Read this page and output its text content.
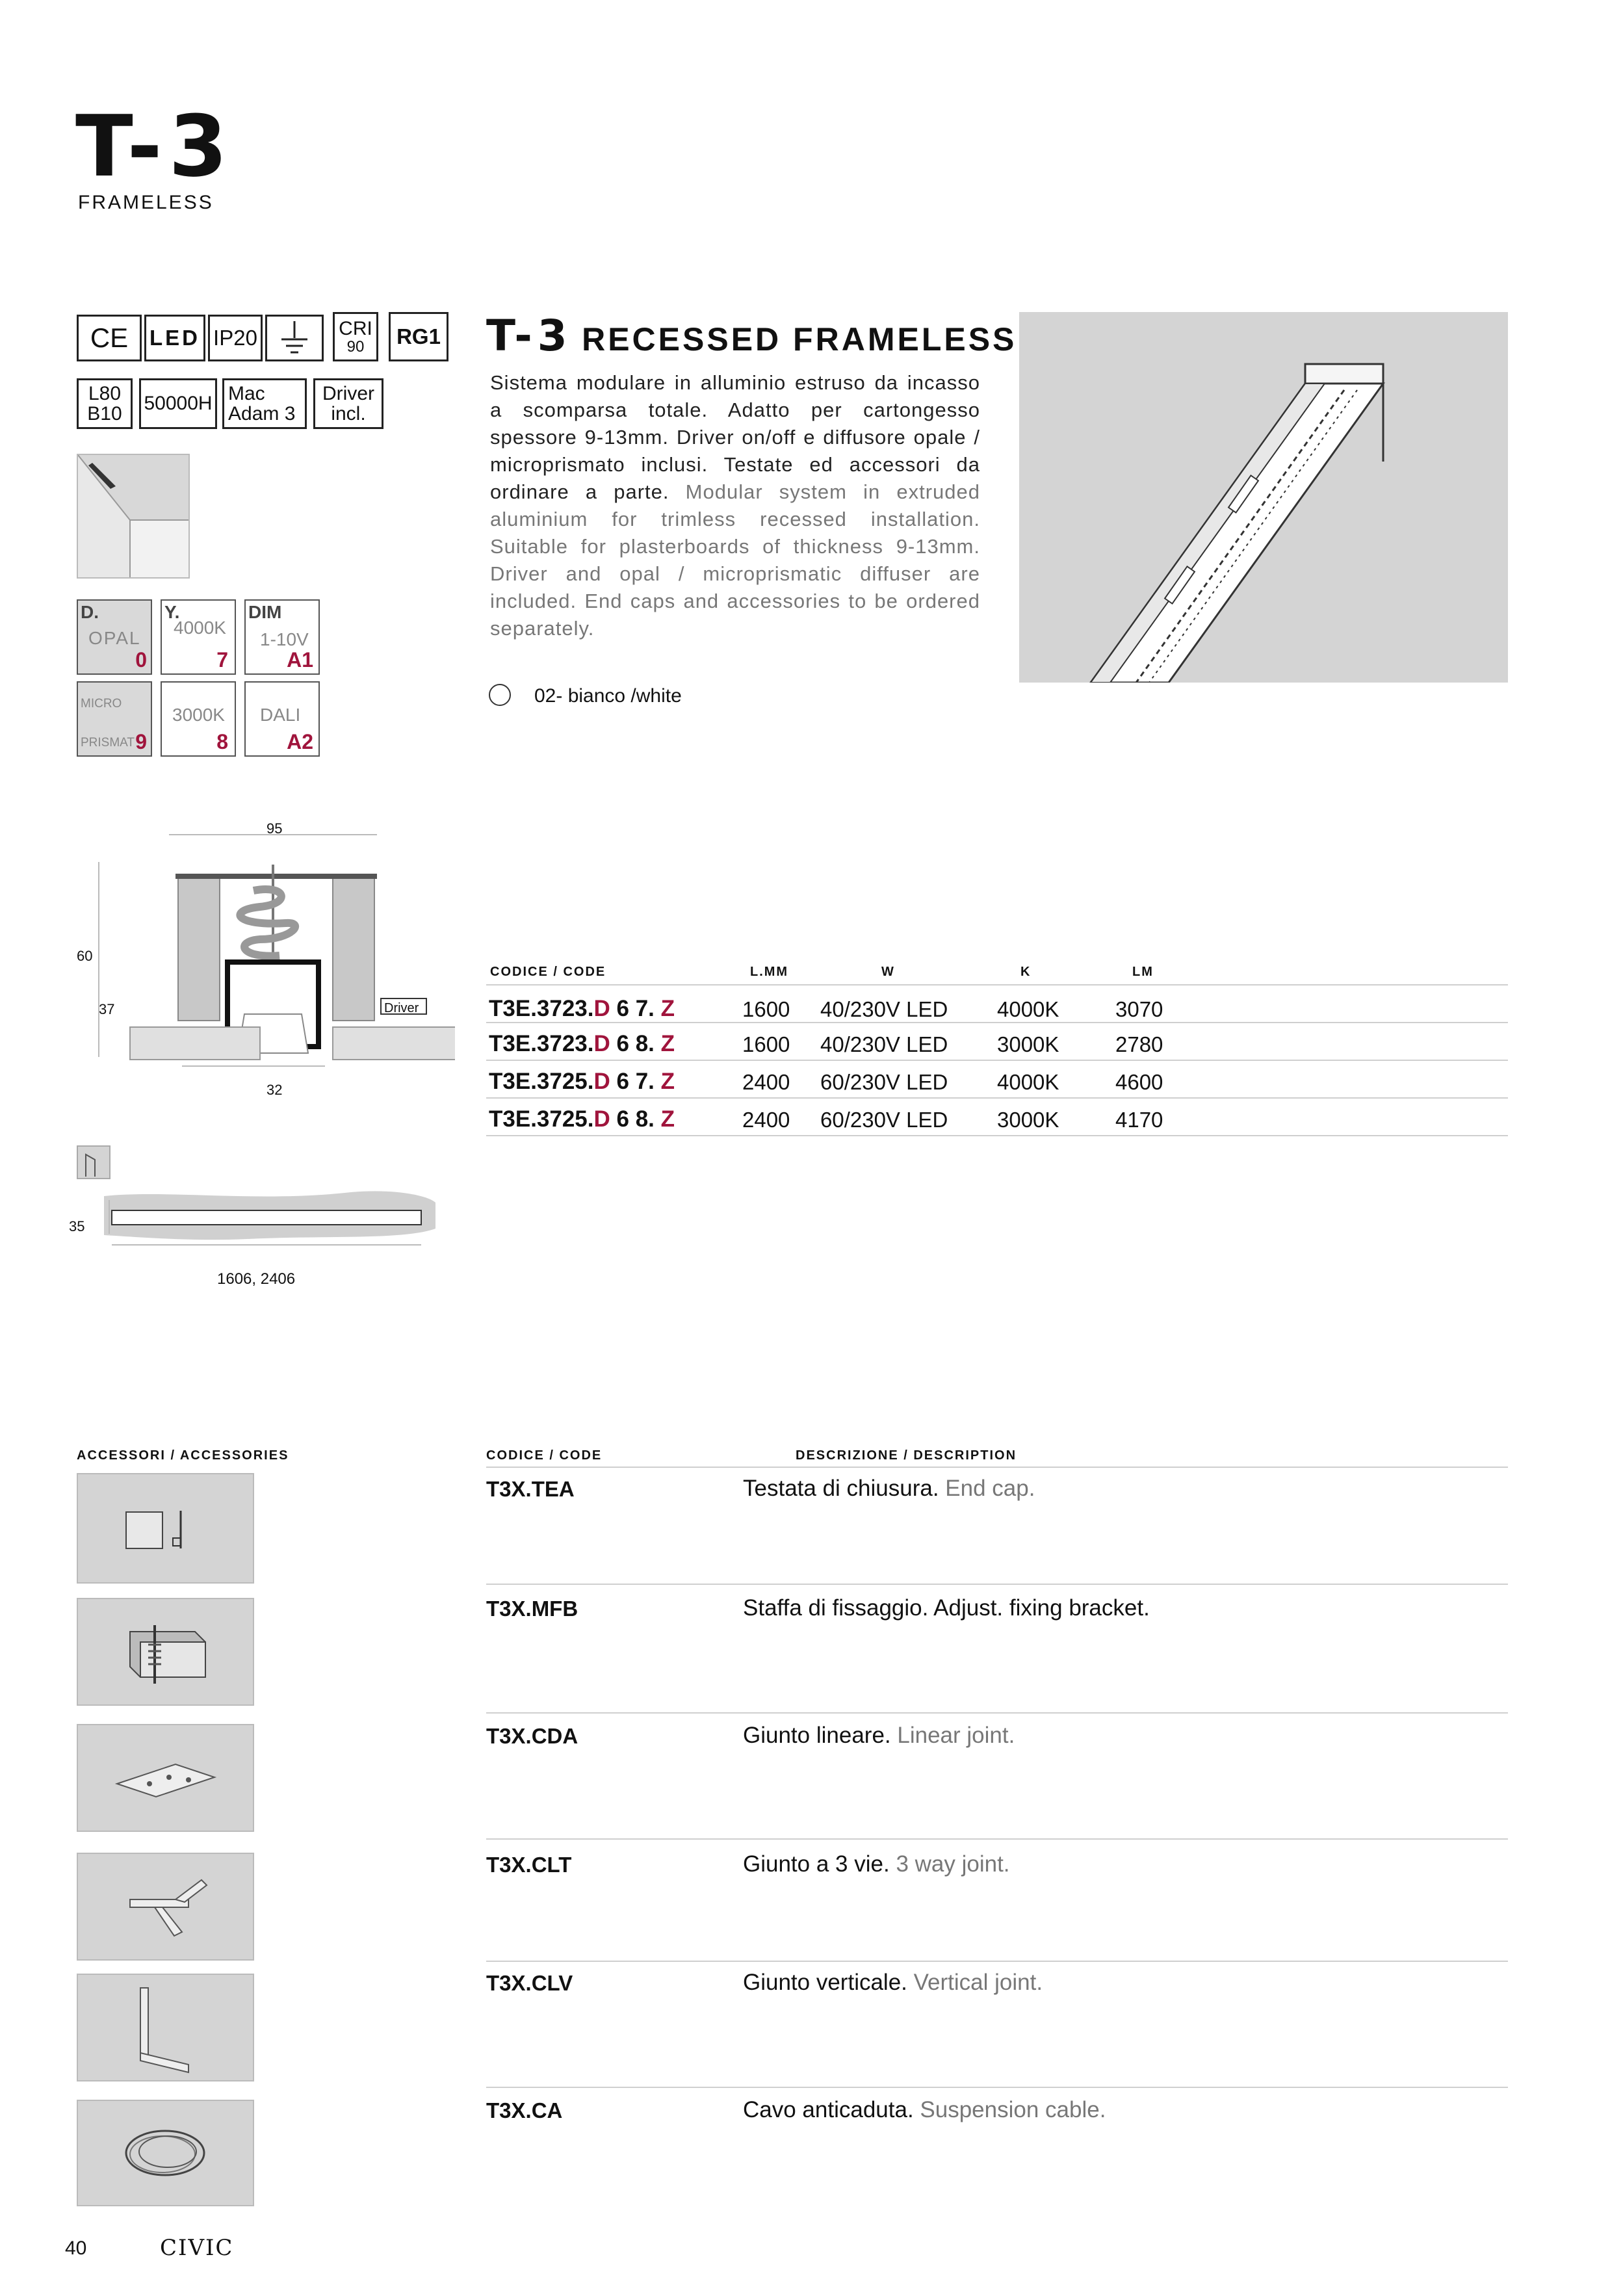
T-3
FRAMELESS
CE LED IP20	CRI
90	RG1
L80
B10 50000H Mac
Adam 3
Driver
incl.
D.
OPAL
0
Y.
4000K
7
DIM
1-10V
A1
MICRO
PRISMAT 9
3000K
8
DALI
A2
95
60
37	Driver
32
35
1606, 2406
T-3 RECESSED FRAMELESS
Sistema modulare in alluminio estruso da incasso a scomparsa totale. Adatto per cartongesso spessore 9-13mm. Driver on/off e diffusore opale / microprismato inclusi. Testate ed accessori da ordinare a parte. Modular system in extruded aluminium for trimless recessed installation. Suitable for plasterboards of thickness 9-13mm. Driver and opal / microprismatic diffuser are included. End caps and accessories to be ordered separately.
02- bianco /white
CODICE / CODE	L.MM	W	K	LM
T3E.3723.D 6 7. Z	1600 40/230V LED 4000K	3070
T3E.3723.D 6 8. Z	1600 40/230V LED 3000K	2780
T3E.3725.D 6 7. Z	2400 60/230V LED 4000K	4600
T3E.3725.D 6 8. Z	2400 60/230V LED 3000K	4170
ACCESSORI / ACCESSORIES	CODICE / CODE	DESCRIZIONE / DESCRIPTION
T3X.TEA	Testata di chiusura. End cap.
T3X.MFB	Staffa di fissaggio. Adjust. fixing bracket.
T3X.CDA	Giunto lineare. Linear joint.
T3X.CLT	Giunto a 3 vie. 3 way joint.
T3X.CLV	Giunto verticale. Vertical joint.
T3X.CA	Cavo anticaduta. Suspension cable.
40	CIVIC
